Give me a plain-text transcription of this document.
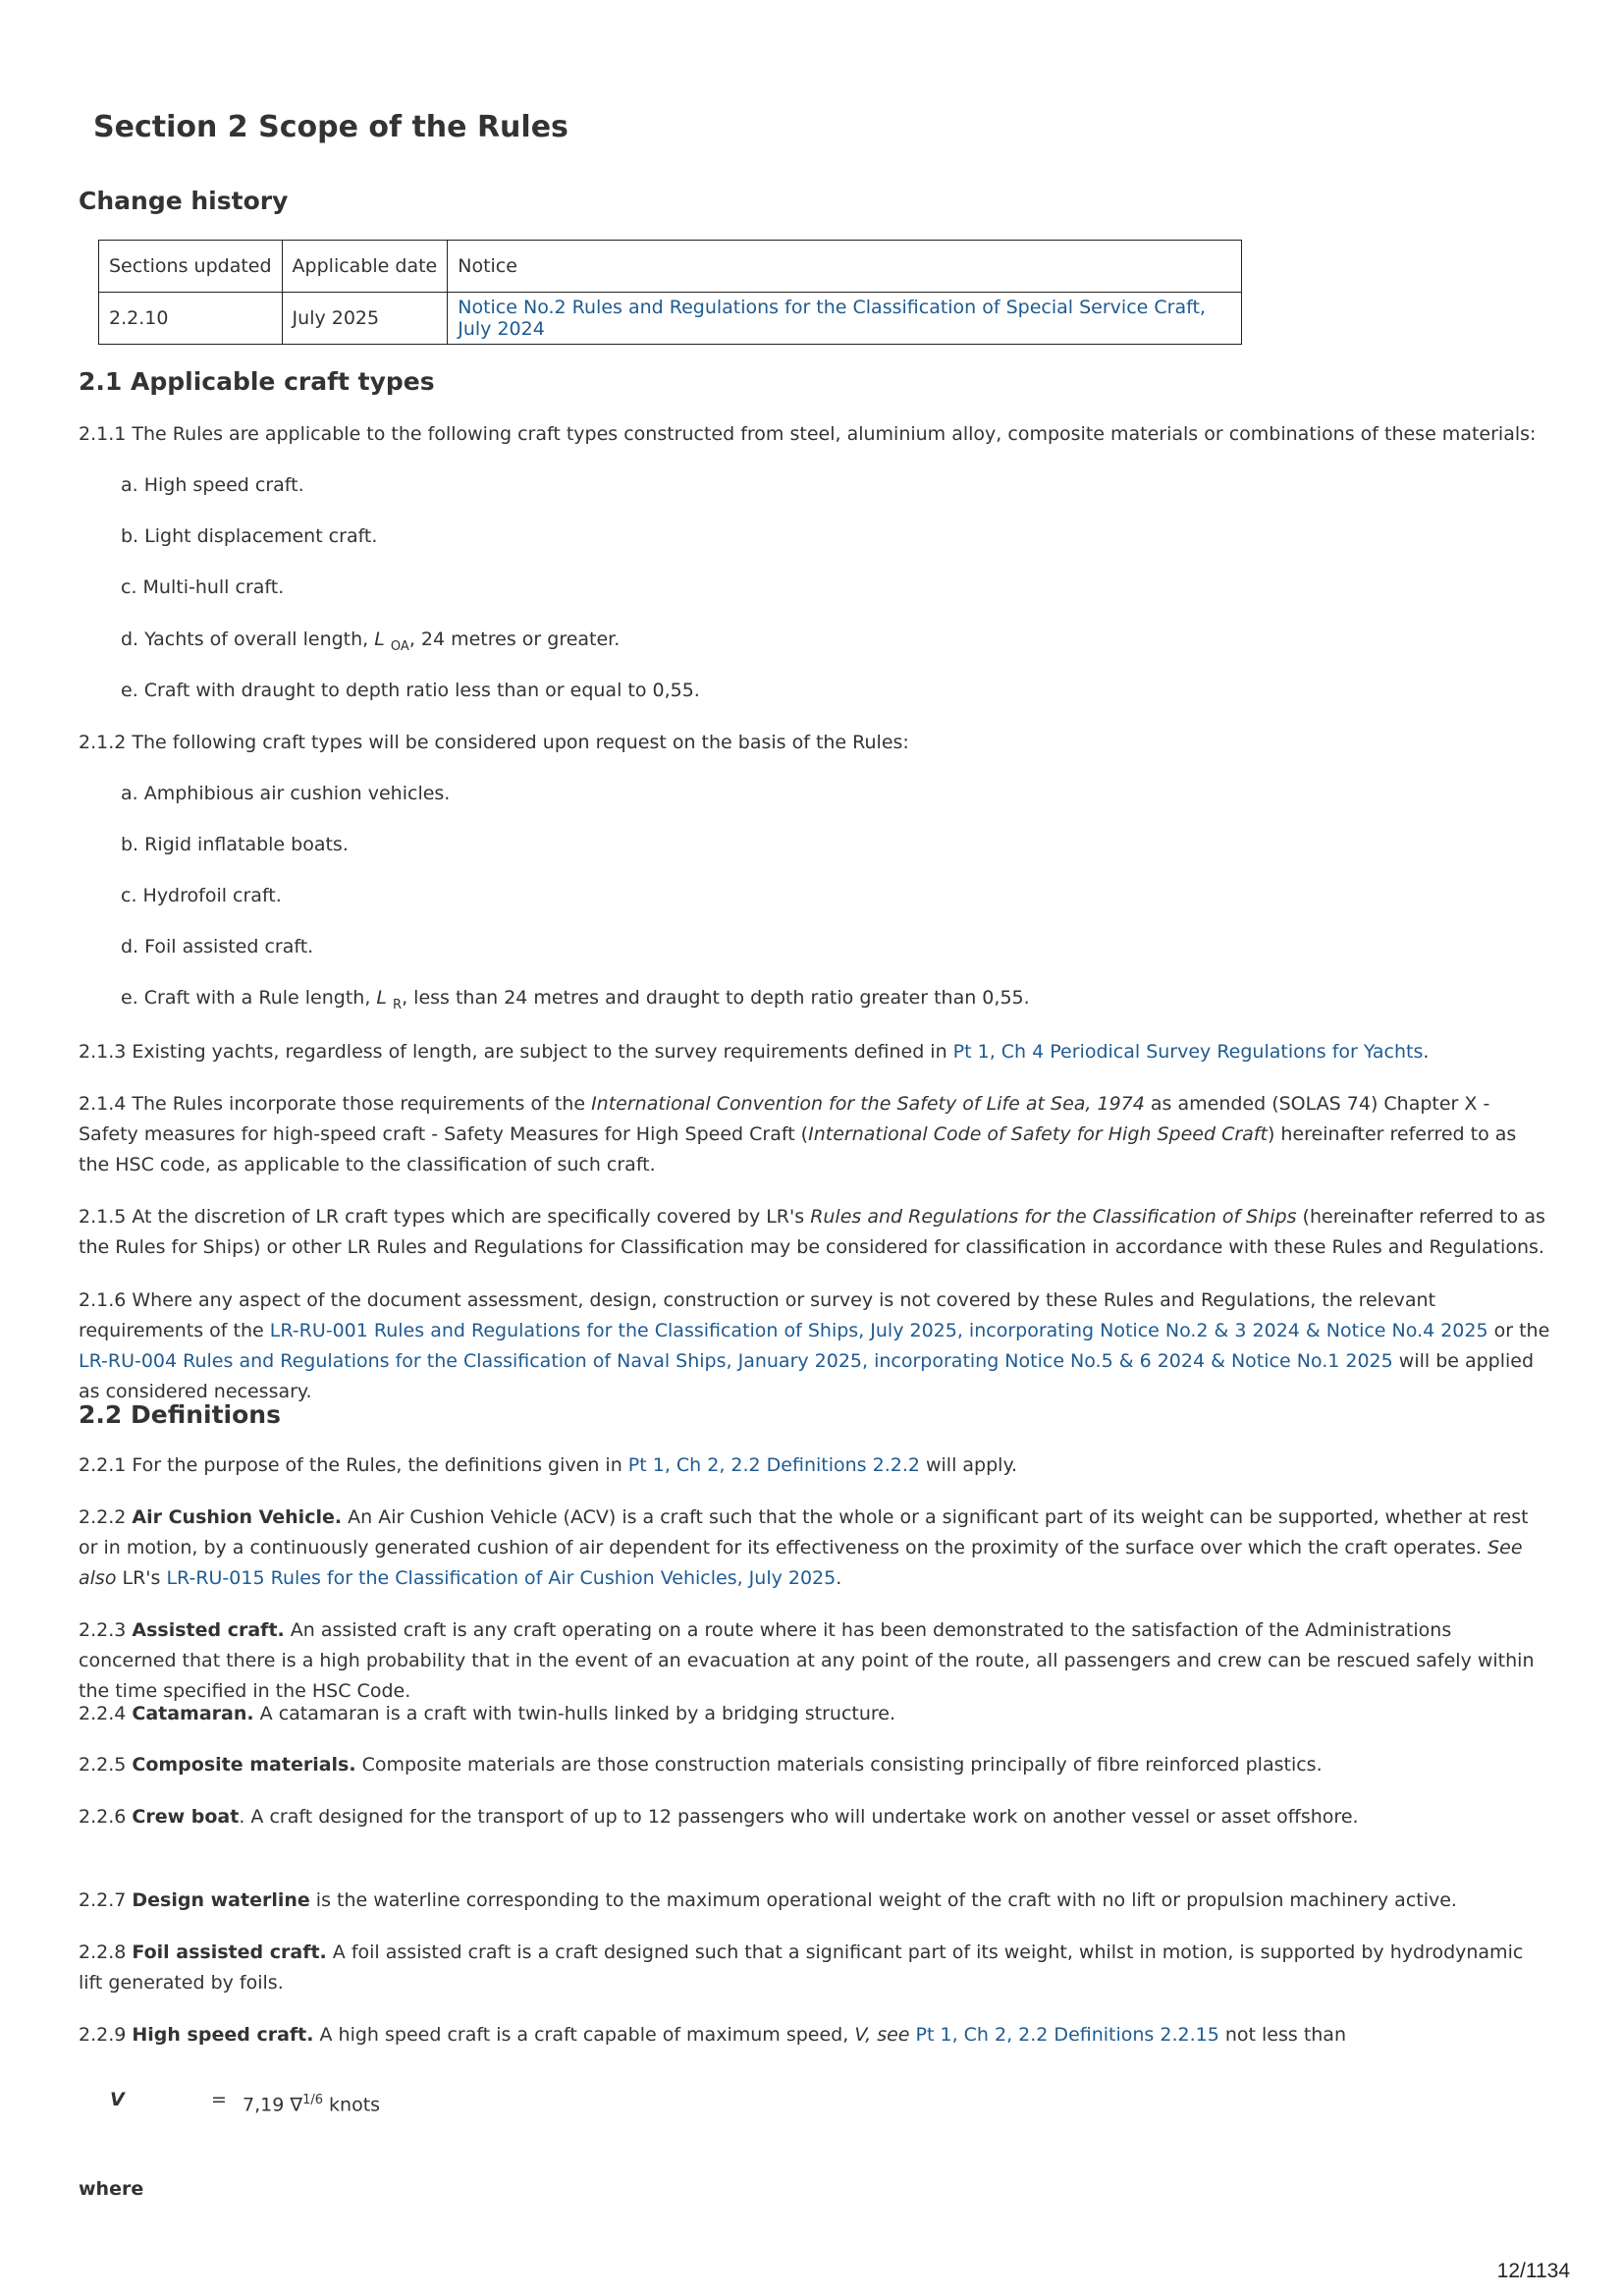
Section 2 Scope of the Rules
Change history
Sections updated	Applicable date	Notice
2.2.10	July 2025	Notice No.2 Rules and Regulations for the Classification of Special Service Craft, July 2024
2.1 Applicable craft types
2.1.1 The Rules are applicable to the following craft types constructed from steel, aluminium alloy, composite materials or combinations of these materials:
a. High speed craft.
b. Light displacement craft.
c. Multi-hull craft.
d. Yachts of overall length, L $_{OA}$, 24 metres or greater.
e. Craft with draught to depth ratio less than or equal to 0,55.
2.1.2 The following craft types will be considered upon request on the basis of the Rules:
a. Amphibious air cushion vehicles.
b. Rigid inflatable boats.
c. Hydrofoil craft.
d. Foil assisted craft.
e. Craft with a Rule length, L $_R$, less than 24 metres and draught to depth ratio greater than 0,55.
2.1.3 Existing yachts, regardless of length, are subject to the survey requirements defined in Pt 1, Ch 4 Periodical Survey Regulations for Yachts.
2.1.4 The Rules incorporate those requirements of the International Convention for the Safety of Life at Sea, 1974 as amended (SOLAS 74) Chapter X - Safety measures for high-speed craft - Safety Measures for High Speed Craft (International Code of Safety for High Speed Craft) hereinafter referred to as the HSC code, as applicable to the classification of such craft.
2.1.5 At the discretion of LR craft types which are specifically covered by LR's Rules and Regulations for the Classification of Ships (hereinafter referred to as the Rules for Ships) or other LR Rules and Regulations for Classification may be considered for classification in accordance with these Rules and Regulations.
2.1.6 Where any aspect of the document assessment, design, construction or survey is not covered by these Rules and Regulations, the relevant requirements of the LR-RU-001 Rules and Regulations for the Classification of Ships, July 2025, incorporating Notice No.2 & 3 2024 & Notice No.4 2025 or the LR-RU-004 Rules and Regulations for the Classification of Naval Ships, January 2025, incorporating Notice No.5 & 6 2024 & Notice No.1 2025 will be applied as considered necessary.
2.2 Definitions
2.2.1 For the purpose of the Rules, the definitions given in Pt 1, Ch 2, 2.2 Definitions 2.2.2 will apply.
2.2.2 Air Cushion Vehicle. An Air Cushion Vehicle (ACV) is a craft such that the whole or a significant part of its weight can be supported, whether at rest or in motion, by a continuously generated cushion of air dependent for its effectiveness on the proximity of the surface over which the craft operates. See also LR's LR-RU-015 Rules for the Classification of Air Cushion Vehicles, July 2025.
2.2.3 Assisted craft. An assisted craft is any craft operating on a route where it has been demonstrated to the satisfaction of the Administrations concerned that there is a high probability that in the event of an evacuation at any point of the route, all passengers and crew can be rescued safely within the time specified in the HSC Code.
2.2.4 Catamaran. A catamaran is a craft with twin-hulls linked by a bridging structure.
2.2.5 Composite materials. Composite materials are those construction materials consisting principally of fibre reinforced plastics.
2.2.6 Crew boat. A craft designed for the transport of up to 12 passengers who will undertake work on another vessel or asset offshore.
2.2.7 Design waterline is the waterline corresponding to the maximum operational weight of the craft with no lift or propulsion machinery active.
2.2.8 Foil assisted craft. A foil assisted craft is a craft designed such that a significant part of its weight, whilst in motion, is supported by hydrodynamic lift generated by foils.
2.2.9 High speed craft. A high speed craft is a craft capable of maximum speed, V, see Pt 1, Ch 2, 2.2 Definitions 2.2.15 not less than
V	= 7,19 ∇$^{1/6}$ knots
where
12/1134
